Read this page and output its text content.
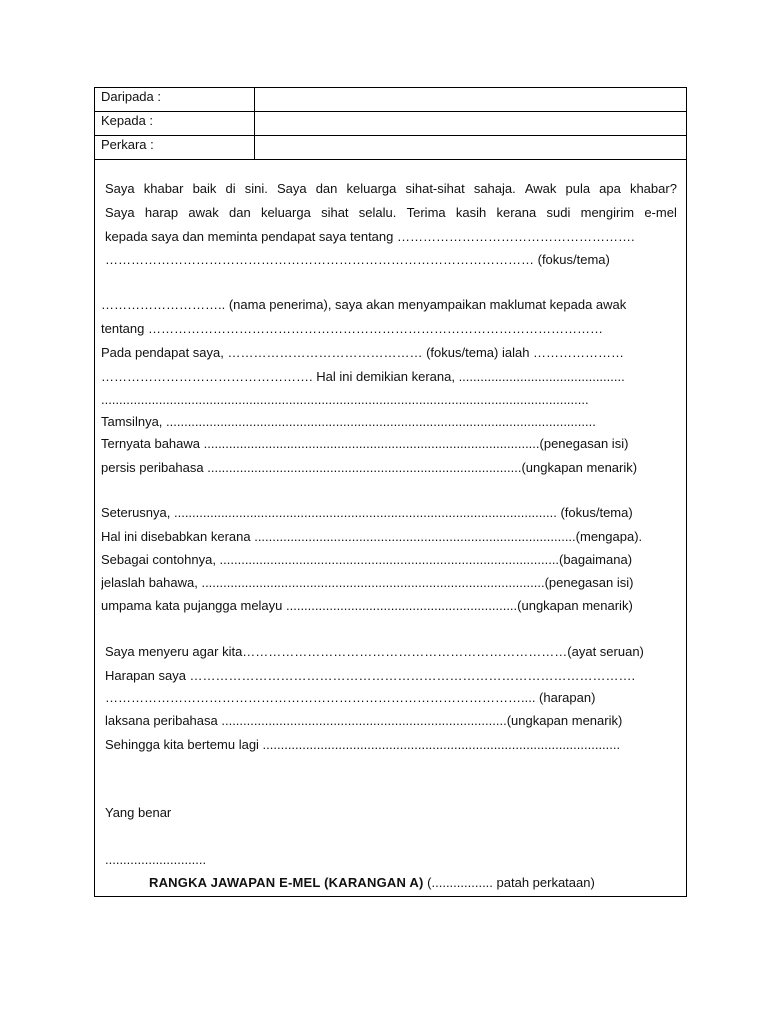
Daripada :
Kepada :
Perkara :
Saya khabar baik di sini. Saya dan keluarga sihat-sihat sahaja. Awak pula apa khabar?
Saya harap awak dan keluarga sihat selalu. Terima kasih kerana sudi mengirim e-mel
kepada saya dan meminta pendapat saya tentang ……………………………………………….
……………………………………………………………………………………… (fokus/tema)
……………………….. (nama penerima), saya akan menyampaikan maklumat kepada awak
tentang ……………………………………………………………………………………………
Pada pendapat saya, ……………………………………… (fokus/tema) ialah …………………
…………………………………………. Hal ini demikian kerana, ..............................................
.......................................................................................................................................
Tamsilnya, .......................................................................................................................
Ternyata bahawa .............................................................................................(penegasan isi)
persis peribahasa .......................................................................................(ungkapan menarik)
Seterusnya, .......................................................................................................... (fokus/tema)
Hal ini disebabkan kerana .........................................................................................(mengapa).
Sebagai contohnya, ..............................................................................................(bagaimana)
jelaslah bahawa, ...............................................................................................(penegasan isi)
umpama kata pujangga melayu ................................................................(ungkapan menarik)
Saya menyeru agar kita…………………………………………………………………(ayat seruan)
Harapan saya ………………………………………………………………………………………….
…………………………………………………………………………………….... (harapan)
laksana peribahasa ...............................................................................(ungkapan menarik)
Sehingga kita bertemu lagi ...................................................................................................
Yang benar
............................
RANGKA JAWAPAN E-MEL (KARANGAN A) (................. patah perkataan)
